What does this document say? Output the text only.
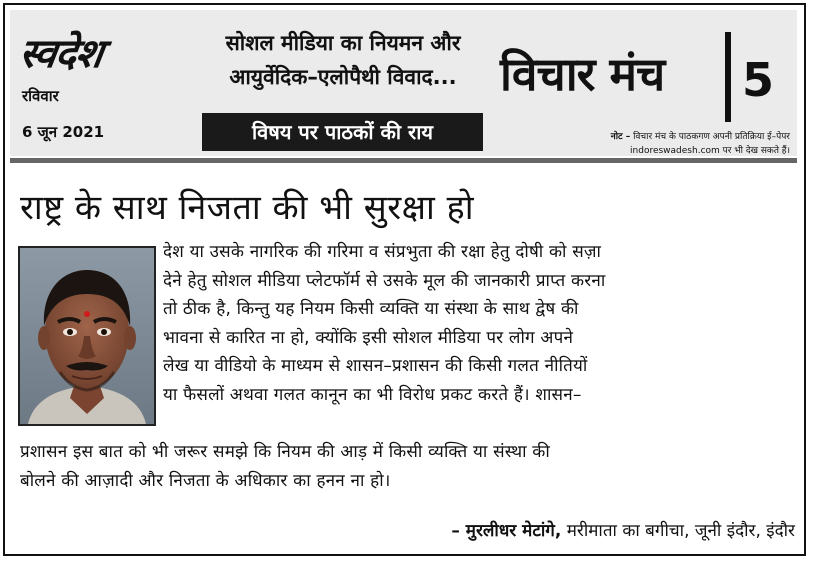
स्वदेश
रविवार
6 जून 2021
सोशल मीडिया का नियमन और
आयुर्वेदिक–एलोपैथी विवाद...
विषय पर पाठकों की राय
विचार मंच 5
नोट – विचार मंच के पाठकगण अपनी प्रतिक्रिया ई–पेपर
indoreswadesh.com पर भी देख सकते हैं।
राष्ट्र के साथ निजता की भी सुरक्षा हो
देश या उसके नागरिक की गरिमा व संप्रभुता की रक्षा हेतु दोषी को सज़ा
देने हेतु सोशल मीडिया प्लेटफॉर्म से उसके मूल की जानकारी प्राप्त करना
तो ठीक है, किन्तु यह नियम किसी व्यक्ति या संस्था के साथ द्वेष की
भावना से कारित ना हो, क्योंकि इसी सोशल मीडिया पर लोग अपने
लेख या वीडियो के माध्यम से शासन–प्रशासन की किसी गलत नीतियों
या फैसलों अथवा गलत कानून का भी विरोध प्रकट करते हैं। शासन–
प्रशासन इस बात को भी जरूर समझे कि नियम की आड़ में किसी व्यक्ति या संस्था की
बोलने की आज़ादी और निजता के अधिकार का हनन ना हो।
– मुरलीधर मेटांगे, मरीमाता का बगीचा, जूनी इंदौर, इंदौर
